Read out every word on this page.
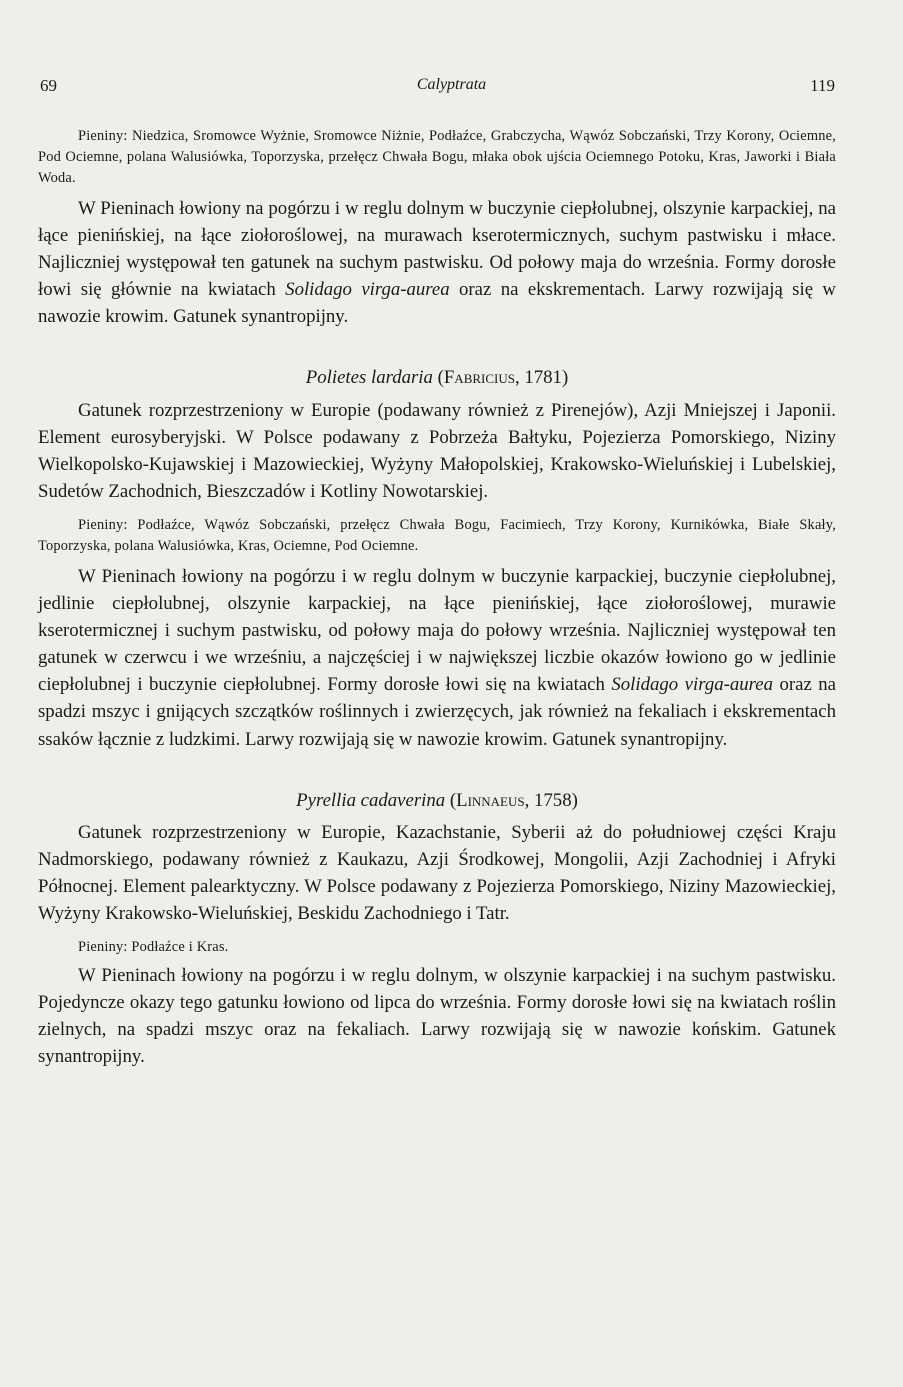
69	Calyptrata	119

Pieniny: Niedzica, Sromowce Wyżnie, Sromowce Niżnie, Podłaźce, Grabczycha, Wąwóz Sobczański, Trzy Korony, Ociemne, Pod Ociemne, polana Walusiówka, Toporzyska, przełęcz Chwała Bogu, młaka obok ujścia Ociemnego Potoku, Kras, Jaworki i Biała Woda.

W Pieninach łowiony na pogórzu i w reglu dolnym w buczynie ciepłolubnej, olszynie karpackiej, na łące pienińskiej, na łące ziołoroślowej, na murawach kserotermicznych, suchym pastwisku i młace. Najliczniej występował ten gatunek na suchym pastwisku. Od połowy maja do września. Formy dorosłe łowi się głównie na kwiatach Solidago virga-aurea oraz na ekskrementach. Larwy rozwijają się w nawozie krowim. Gatunek synantropijny.

Polietes lardaria (Fabricius, 1781)

Gatunek rozprzestrzeniony w Europie (podawany również z Pirenejów), Azji Mniejszej i Japonii. Element eurosyberyjski. W Polsce podawany z Pobrzeża Bałtyku, Pojezierza Pomorskiego, Niziny Wielkopolsko-Kujawskiej i Mazowieckiej, Wyżyny Małopolskiej, Krakowsko-Wieluńskiej i Lubelskiej, Sudetów Zachodnich, Bieszczadów i Kotliny Nowotarskiej.

Pieniny: Podłaźce, Wąwóz Sobczański, przełęcz Chwała Bogu, Facimiech, Trzy Korony, Kurnikówka, Białe Skały, Toporzyska, polana Walusiówka, Kras, Ociemne, Pod Ociemne.

W Pieninach łowiony na pogórzu i w reglu dolnym w buczynie karpackiej, buczynie ciepłolubnej, jedlinie ciepłolubnej, olszynie karpackiej, na łące pienińskiej, łące ziołoroślowej, murawie kserotermicznej i suchym pastwisku, od połowy maja do połowy września. Najliczniej występował ten gatunek w czerwcu i we wrześniu, a najczęściej i w największej liczbie okazów łowiono go w jedlinie ciepłolubnej i buczynie ciepłolubnej. Formy dorosłe łowi się na kwiatach Solidago virga-aurea oraz na spadzi mszyc i gnijących szczątków roślinnych i zwierzęcych, jak również na fekaliach i ekskrementach ssaków łącznie z ludzkimi. Larwy rozwijają się w nawozie krowim. Gatunek synantropijny.

Pyrellia cadaverina (Linnaeus, 1758)

Gatunek rozprzestrzeniony w Europie, Kazachstanie, Syberii aż do południowej części Kraju Nadmorskiego, podawany również z Kaukazu, Azji Środkowej, Mongolii, Azji Zachodniej i Afryki Północnej. Element palearktyczny. W Polsce podawany z Pojezierza Pomorskiego, Niziny Mazowieckiej, Wyżyny Krakowsko-Wieluńskiej, Beskidu Zachodniego i Tatr.

Pieniny: Podłaźce i Kras.

W Pieninach łowiony na pogórzu i w reglu dolnym, w olszynie karpackiej i na suchym pastwisku. Pojedyncze okazy tego gatunku łowiono od lipca do września. Formy dorosłe łowi się na kwiatach roślin zielnych, na spadzi mszyc oraz na fekaliach. Larwy rozwijają się w nawozie końskim. Gatunek synantropijny.
